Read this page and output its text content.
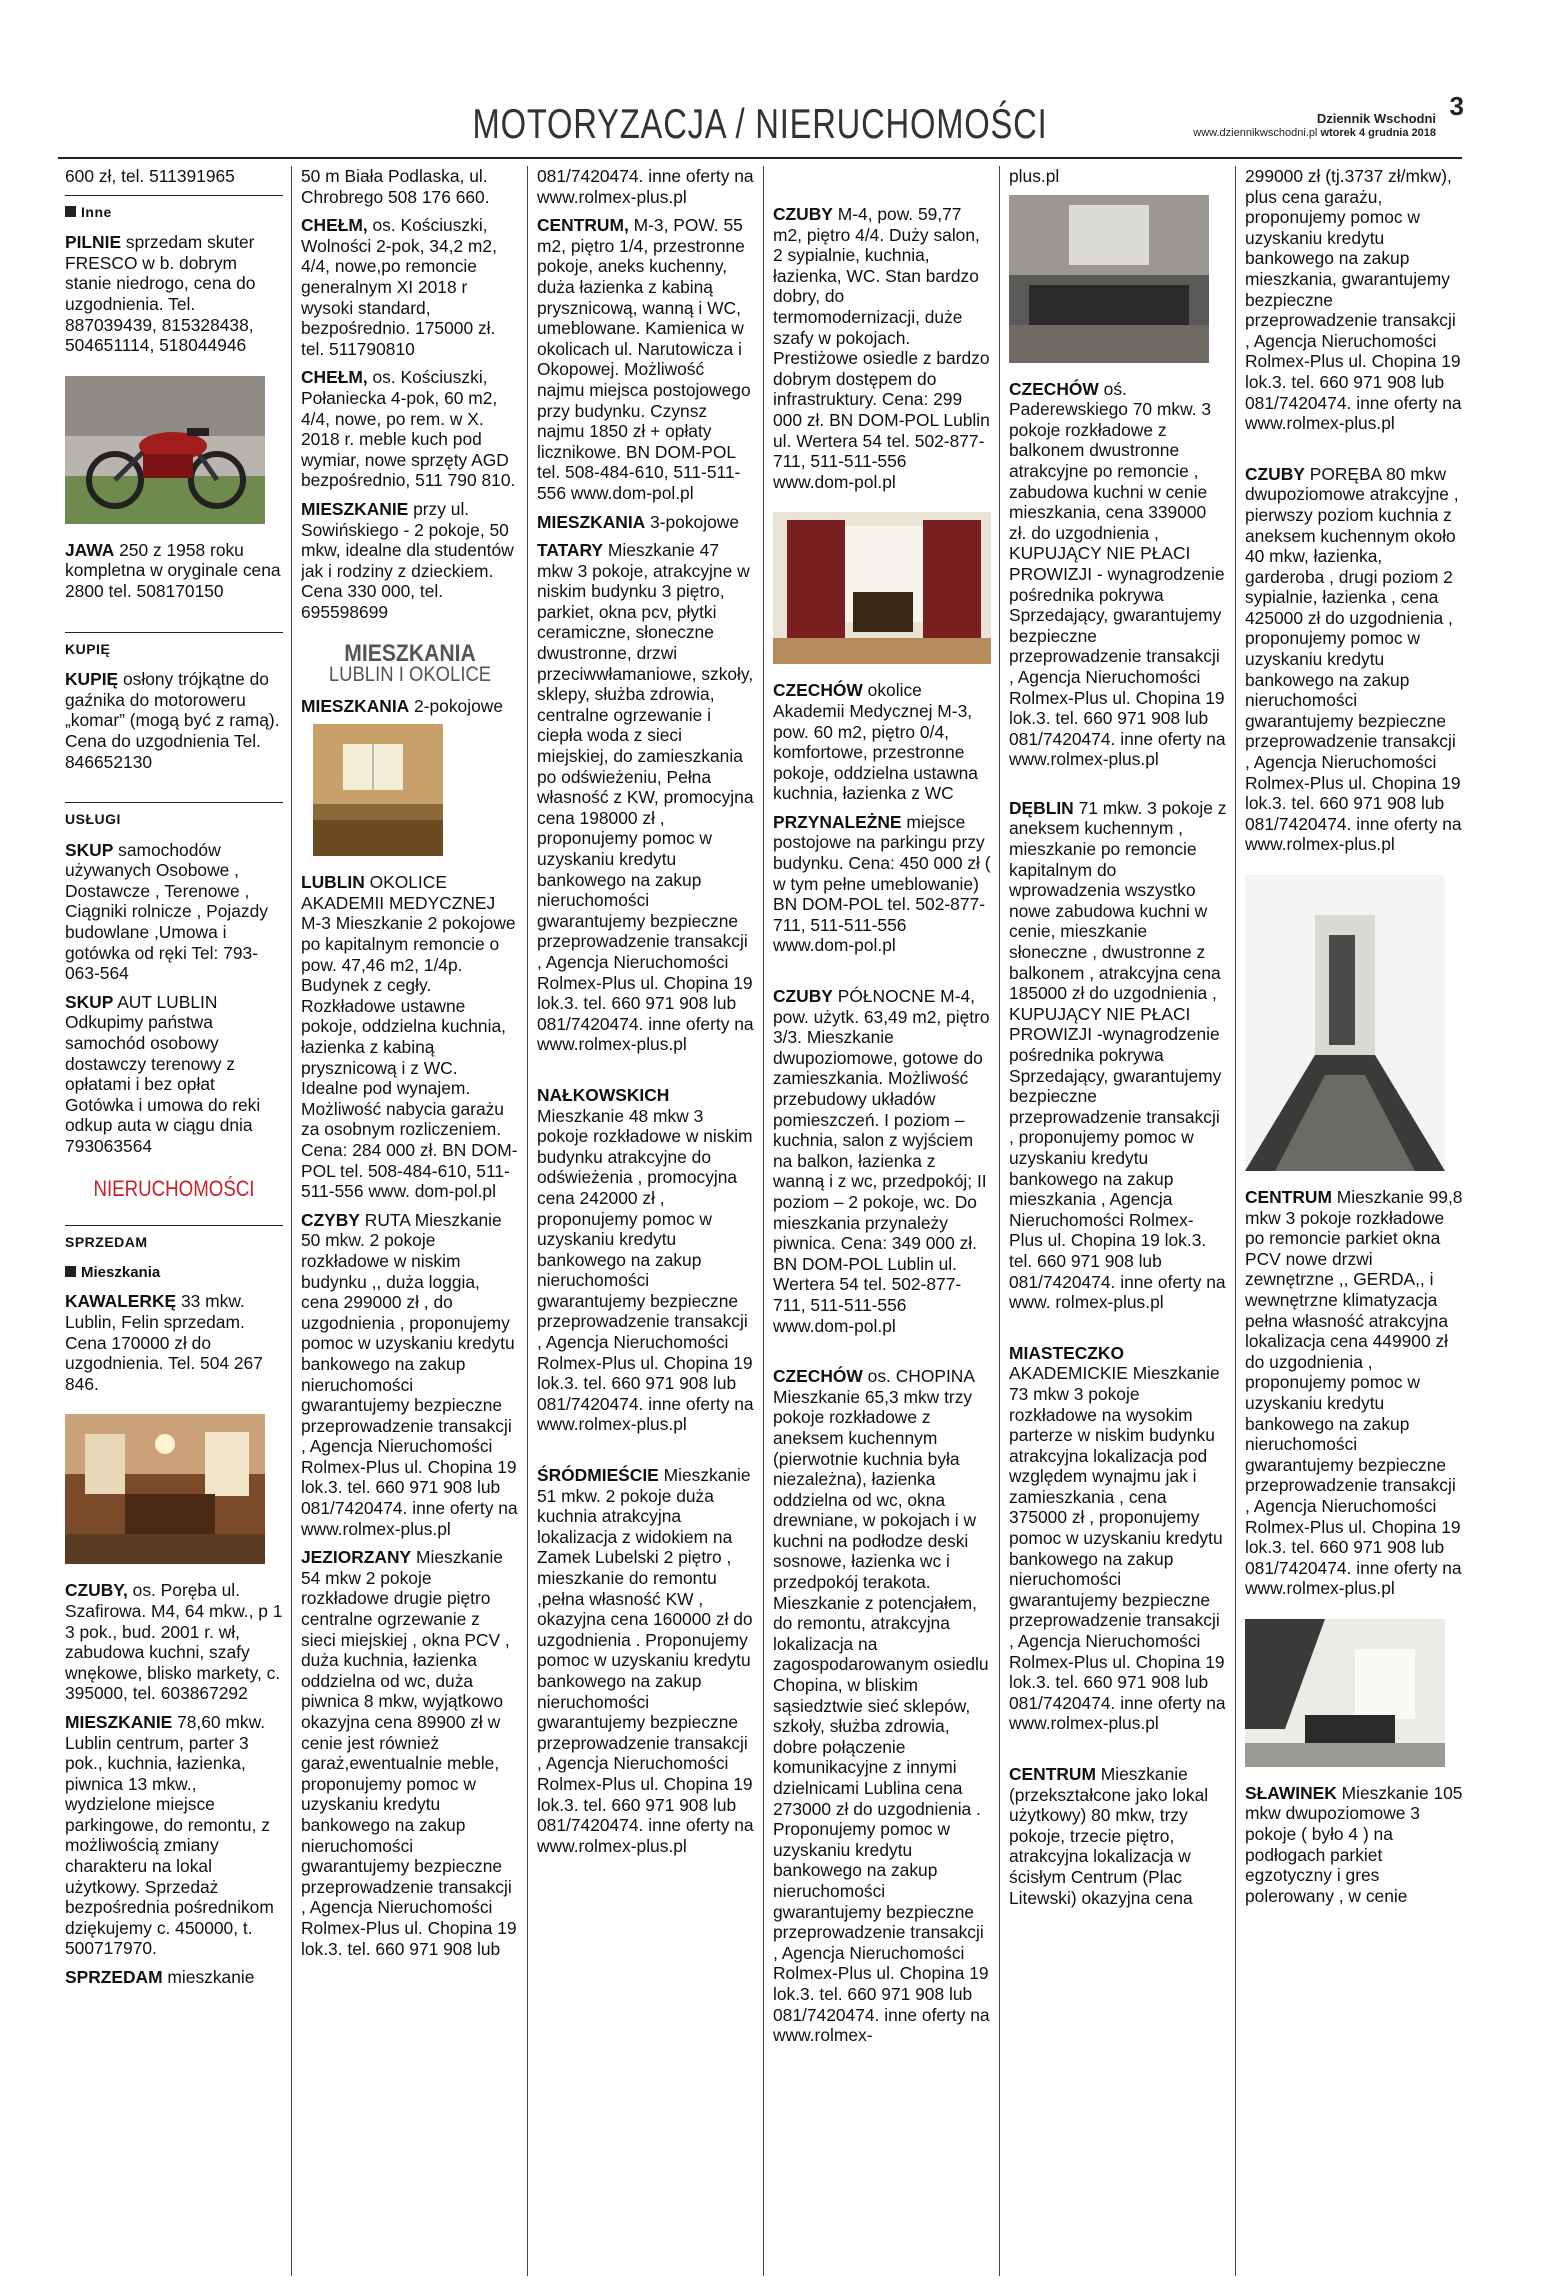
MOTORYZACJA / NIERUCHOMOŚCI	Dziennik Wschodni
www.dziennikwschodni.pl wtorek 4 grudnia 2018
3

600 zł, tel. 511391965

Inne

PILNIE sprzedam skuter FRESCO w b. dobrym stanie niedrogo, cena do uzgodnienia. Tel. 887039439, 815328438, 504651114, 518044946

JAWA 250 z 1958 roku kompletna w oryginale cena 2800 tel. 508170150

KUPIĘ

KUPIĘ osłony trójkątne do gaźnika do motoroweru „komar” (mogą być z ramą). Cena do uzgodnienia Tel. 846652130

USŁUGI

SKUP samochodów używanych Osobowe , Dostawcze , Terenowe , Ciągniki rolnicze , Pojazdy budowlane ,Umowa i gotówka od ręki Tel: 793-063-564

SKUP AUT LUBLIN Odkupimy państwa samochód osobowy dostawczy terenowy z opłatami i bez opłat Gotówka i umowa do reki odkup auta w ciągu dnia 793063564

NIERUCHOMOŚCI
SPRZEDAM
Mieszkania

KAWALERKĘ 33 mkw. Lublin, Felin sprzedam. Cena 170000 zł do uzgodnienia. Tel. 504 267 846.

CZUBY, os. Poręba ul. Szafirowa. M4, 64 mkw., p 1 3 pok., bud. 2001 r. wł, zabudowa kuchni, szafy wnękowe, blisko markety, c. 395000, tel. 603867292

MIESZKANIE 78,60 mkw. Lublin centrum, parter 3 pok., kuchnia, łazienka, piwnica 13 mkw., wydzielone miejsce parkingowe, do remontu, z możliwością zmiany charakteru na lokal użytkowy. Sprzedaż bezpośrednia pośrednikom dziękujemy c. 450000, t. 500717970.

SPRZEDAM mieszkanie

50 m Biała Podlaska, ul. Chrobrego 508 176 660.

CHEŁM, os. Kościuszki, Wolności 2-pok, 34,2 m2, 4/4, nowe,po remoncie generalnym XI 2018 r wysoki standard, bezpośrednio. 175000 zł. tel. 511790810

CHEŁM, os. Kościuszki, Połaniecka 4-pok, 60 m2, 4/4, nowe, po rem. w X. 2018 r. meble kuch pod wymiar, nowe sprzęty AGD bezpośrednio, 511 790 810.

MIESZKANIE przy ul. Sowińskiego - 2 pokoje, 50 mkw, idealne dla studentów jak i rodziny z dzieckiem. Cena 330 000, tel. 695598699

MIESZKANIA
LUBLIN I OKOLICE

MIESZKANIA 2-pokojowe

LUBLIN OKOLICE AKADEMII MEDYCZNEJ M-3 Mieszkanie 2 pokojowe po kapitalnym remoncie o pow. 47,46 m2, 1/4p. Budynek z cegły. Rozkładowe ustawne pokoje, oddzielna kuchnia, łazienka z kabiną prysznicową i z WC. Idealne pod wynajem. Możliwość nabycia garażu za osobnym rozliczeniem. Cena: 284 000 zł. BN DOM-POL tel. 508-484-610, 511-511-556 www. dom-pol.pl

CZYBY RUTA Mieszkanie 50 mkw. 2 pokoje rozkładowe w niskim budynku ,, duża loggia, cena 299000 zł , do uzgodnienia , proponujemy pomoc w uzyskaniu kredytu bankowego na zakup nieruchomości gwarantujemy bezpieczne przeprowadzenie transakcji , Agencja Nieruchomości Rolmex-Plus ul. Chopina 19 lok.3. tel. 660 971 908 lub 081/7420474. inne oferty na www.rolmex-plus.pl

JEZIORZANY Mieszkanie 54 mkw 2 pokoje rozkładowe drugie piętro centralne ogrzewanie z sieci miejskiej , okna PCV , duża kuchnia, łazienka oddzielna od wc, duża piwnica 8 mkw, wyjątkowo okazyjna cena 89900 zł w cenie jest również garaż,ewentualnie meble, proponujemy pomoc w uzyskaniu kredytu bankowego na zakup nieruchomości gwarantujemy bezpieczne przeprowadzenie transakcji , Agencja Nieruchomości Rolmex-Plus ul. Chopina 19 lok.3. tel. 660 971 908 lub

081/7420474. inne oferty na www.rolmex-plus.pl

CENTRUM, M-3, POW. 55 m2, piętro 1/4, przestronne pokoje, aneks kuchenny, duża łazienka z kabiną prysznicową, wanną i WC, umeblowane. Kamienica w okolicach ul. Narutowicza i Okopowej. Możliwość najmu miejsca postojowego przy budynku. Czynsz najmu 1850 zł + opłaty licznikowe. BN DOM-POL tel. 508-484-610, 511-511-556 www.dom-pol.pl

MIESZKANIA 3-pokojowe

TATARY Mieszkanie 47 mkw 3 pokoje, atrakcyjne w niskim budynku 3 piętro, parkiet, okna pcv, płytki ceramiczne, słoneczne dwustronne, drzwi przeciwwłamaniowe, szkoły, sklepy, służba zdrowia, centralne ogrzewanie i ciepła woda z sieci miejskiej, do zamieszkania po odświeżeniu, Pełna własność z KW, promocyjna cena 198000 zł , proponujemy pomoc w uzyskaniu kredytu bankowego na zakup nieruchomości gwarantujemy bezpieczne przeprowadzenie transakcji , Agencja Nieruchomości Rolmex-Plus ul. Chopina 19 lok.3. tel. 660 971 908 lub 081/7420474. inne oferty na www.rolmex-plus.pl

NAŁKOWSKICH Mieszkanie 48 mkw 3 pokoje rozkładowe w niskim budynku atrakcyjne do odświeżenia , promocyjna cena 242000 zł , proponujemy pomoc w uzyskaniu kredytu bankowego na zakup nieruchomości gwarantujemy bezpieczne przeprowadzenie transakcji , Agencja Nieruchomości Rolmex-Plus ul. Chopina 19 lok.3. tel. 660 971 908 lub 081/7420474. inne oferty na www.rolmex-plus.pl

ŚRÓDMIEŚCIE Mieszkanie 51 mkw. 2 pokoje duża kuchnia atrakcyjna lokalizacja z widokiem na Zamek Lubelski 2 piętro , mieszkanie do remontu ,pełna własność KW , okazyjna cena 160000 zł do uzgodnienia . Proponujemy pomoc w uzyskaniu kredytu bankowego na zakup nieruchomości gwarantujemy bezpieczne przeprowadzenie transakcji , Agencja Nieruchomości Rolmex-Plus ul. Chopina 19 lok.3. tel. 660 971 908 lub 081/7420474. inne oferty na www.rolmex-plus.pl

CZUBY M-4, pow. 59,77 m2, piętro 4/4. Duży salon, 2 sypialnie, kuchnia, łazienka, WC. Stan bardzo dobry, do termomodernizacji, duże szafy w pokojach. Prestiżowe osiedle z bardzo dobrym dostępem do infrastruktury. Cena: 299 000 zł. BN DOM-POL Lublin ul. Wertera 54 tel. 502-877-711, 511-511-556 www.dom-pol.pl

CZECHÓW okolice Akademii Medycznej M-3, pow. 60 m2, piętro 0/4, komfortowe, przestronne pokoje, oddzielna ustawna kuchnia, łazienka z WC

PRZYNALEŻNE miejsce postojowe na parkingu przy budynku. Cena: 450 000 zł ( w tym pełne umeblowanie) BN DOM-POL tel. 502-877-711, 511-511-556 www.dom-pol.pl

CZUBY PÓŁNOCNE M-4, pow. użytk. 63,49 m2, piętro 3/3. Mieszkanie dwupoziomowe, gotowe do zamieszkania. Możliwość przebudowy układów pomieszczeń. I poziom – kuchnia, salon z wyjściem na balkon, łazienka z wanną i z wc, przedpokój; II poziom – 2 pokoje, wc. Do mieszkania przynależy piwnica. Cena: 349 000 zł. BN DOM-POL Lublin ul. Wertera 54 tel. 502-877-711, 511-511-556 www.dom-pol.pl

CZECHÓW os. CHOPINA Mieszkanie 65,3 mkw trzy pokoje rozkładowe z aneksem kuchennym (pierwotnie kuchnia była niezależna), łazienka oddzielna od wc, okna drewniane, w pokojach i w kuchni na podłodze deski sosnowe, łazienka wc i przedpokój terakota. Mieszkanie z potencjałem, do remontu, atrakcyjna lokalizacja na zagospodarowanym osiedlu Chopina, w bliskim sąsiedztwie sieć sklepów, szkoły, służba zdrowia, dobre połączenie komunikacyjne z innymi dzielnicami Lublina cena 273000 zł do uzgodnienia . Proponujemy pomoc w uzyskaniu kredytu bankowego na zakup nieruchomości gwarantujemy bezpieczne przeprowadzenie transakcji , Agencja Nieruchomości Rolmex-Plus ul. Chopina 19 lok.3. tel. 660 971 908 lub 081/7420474. inne oferty na www.rolmex-

plus.pl

CZECHÓW oś. Paderewskiego 70 mkw. 3 pokoje rozkładowe z balkonem dwustronne atrakcyjne po remoncie , zabudowa kuchni w cenie mieszkania, cena 339000 zł. do uzgodnienia , KUPUJĄCY NIE PŁACI PROWIZJI - wynagrodzenie pośrednika pokrywa Sprzedający, gwarantujemy bezpieczne przeprowadzenie transakcji , Agencja Nieruchomości Rolmex-Plus ul. Chopina 19 lok.3. tel. 660 971 908 lub 081/7420474. inne oferty na www.rolmex-plus.pl

DĘBLIN 71 mkw. 3 pokoje z aneksem kuchennym , mieszkanie po remoncie kapitalnym do wprowadzenia wszystko nowe zabudowa kuchni w cenie, mieszkanie słoneczne , dwustronne z balkonem , atrakcyjna cena 185000 zł do uzgodnienia , KUPUJĄCY NIE PŁACI PROWIZJI -wynagrodzenie pośrednika pokrywa Sprzedający, gwarantujemy bezpieczne przeprowadzenie transakcji , proponujemy pomoc w uzyskaniu kredytu bankowego na zakup mieszkania , Agencja Nieruchomości Rolmex- Plus ul. Chopina 19 lok.3. tel. 660 971 908 lub 081/7420474. inne oferty na www. rolmex-plus.pl

MIASTECZKO AKADEMICKIE Mieszkanie 73 mkw 3 pokoje rozkładowe na wysokim parterze w niskim budynku atrakcyjna lokalizacja pod względem wynajmu jak i zamieszkania , cena 375000 zł , proponujemy pomoc w uzyskaniu kredytu bankowego na zakup nieruchomości gwarantujemy bezpieczne przeprowadzenie transakcji , Agencja Nieruchomości Rolmex-Plus ul. Chopina 19 lok.3. tel. 660 971 908 lub 081/7420474. inne oferty na www.rolmex-plus.pl

CENTRUM Mieszkanie (przekształcone jako lokal użytkowy) 80 mkw, trzy pokoje, trzecie piętro, atrakcyjna lokalizacja w ścisłym Centrum (Plac Litewski) okazyjna cena

299000 zł (tj.3737 zł/mkw), plus cena garażu, proponujemy pomoc w uzyskaniu kredytu bankowego na zakup mieszkania, gwarantujemy bezpieczne przeprowadzenie transakcji , Agencja Nieruchomości Rolmex-Plus ul. Chopina 19 lok.3. tel. 660 971 908 lub 081/7420474. inne oferty na www.rolmex-plus.pl

CZUBY PORĘBA 80 mkw dwupoziomowe atrakcyjne , pierwszy poziom kuchnia z aneksem kuchennym około 40 mkw, łazienka, garderoba , drugi poziom 2 sypialnie, łazienka , cena 425000 zł do uzgodnienia , proponujemy pomoc w uzyskaniu kredytu bankowego na zakup nieruchomości gwarantujemy bezpieczne przeprowadzenie transakcji , Agencja Nieruchomości Rolmex-Plus ul. Chopina 19 lok.3. tel. 660 971 908 lub 081/7420474. inne oferty na www.rolmex-plus.pl

CENTRUM Mieszkanie 99,8 mkw 3 pokoje rozkładowe po remoncie parkiet okna PCV nowe drzwi zewnętrzne ,, GERDA,, i wewnętrzne klimatyzacja pełna własność atrakcyjna lokalizacja cena 449900 zł do uzgodnienia , proponujemy pomoc w uzyskaniu kredytu bankowego na zakup nieruchomości gwarantujemy bezpieczne przeprowadzenie transakcji , Agencja Nieruchomości Rolmex-Plus ul. Chopina 19 lok.3. tel. 660 971 908 lub 081/7420474. inne oferty na www.rolmex-plus.pl

SŁAWINEK Mieszkanie 105 mkw dwupoziomowe 3 pokoje ( było 4 ) na podłogach parkiet egzotyczny i gres polerowany , w cenie
